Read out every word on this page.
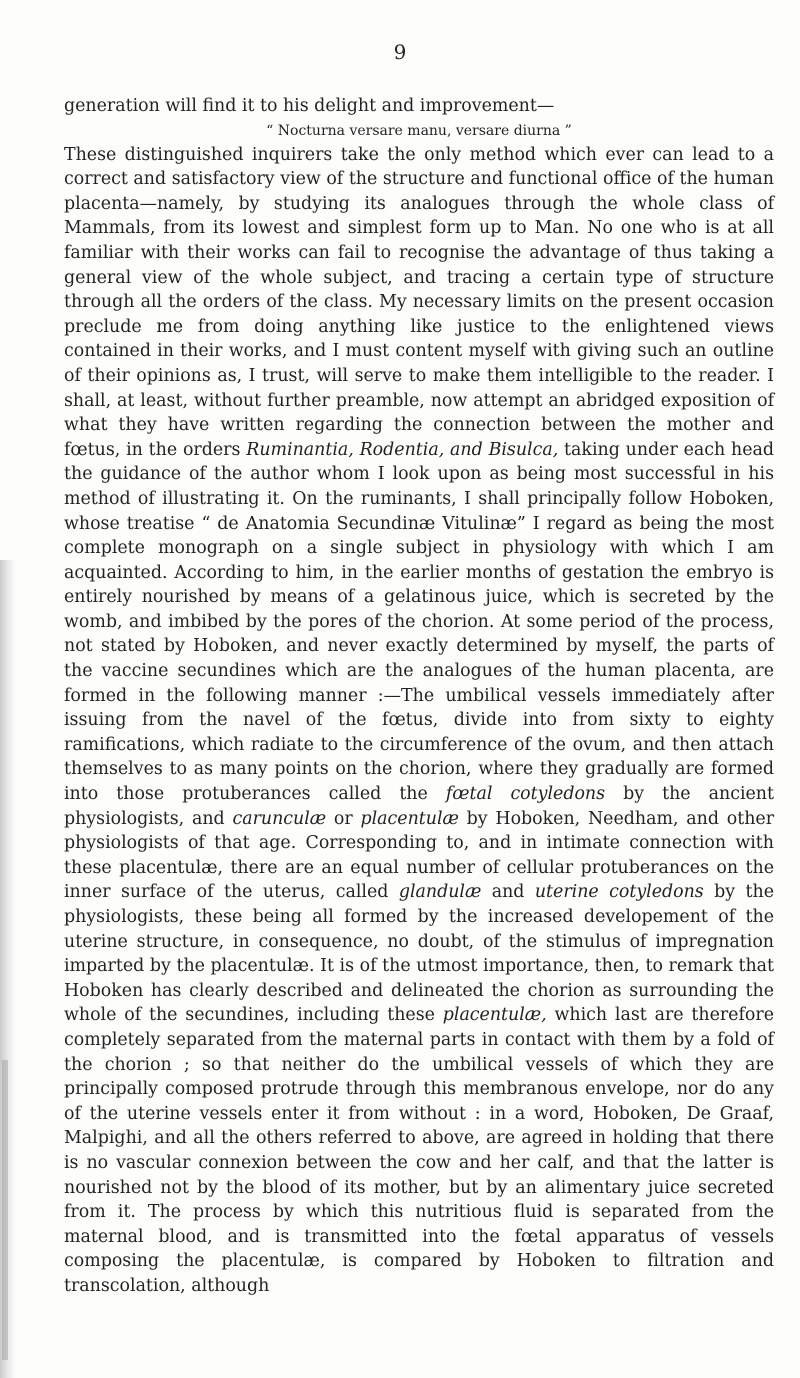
9

generation will find it to his delight and improvement—

“ Nocturna versare manu, versare diurna ”

These distinguished inquirers take the only method which ever can lead to a correct and satisfactory view of the structure and functional office of the human placenta—namely, by studying its analogues through the whole class of Mammals, from its lowest and simplest form up to Man. No one who is at all familiar with their works can fail to recognise the advantage of thus taking a general view of the whole subject, and tracing a certain type of structure through all the orders of the class. My necessary limits on the present occasion preclude me from doing anything like justice to the enlightened views contained in their works, and I must content myself with giving such an outline of their opinions as, I trust, will serve to make them intelligible to the reader. I shall, at least, without further preamble, now attempt an abridged exposition of what they have written regarding the connection between the mother and fœtus, in the orders Ruminantia, Rodentia, and Bisulca, taking under each head the guidance of the author whom I look upon as being most successful in his method of illustrating it. On the ruminants, I shall principally follow Hoboken, whose treatise “ de Anatomia Secundinæ Vitulinæ” I regard as being the most complete monograph on a single subject in physiology with which I am acquainted. According to him, in the earlier months of gestation the embryo is entirely nourished by means of a gelatinous juice, which is secreted by the womb, and imbibed by the pores of the chorion. At some period of the process, not stated by Hoboken, and never exactly determined by myself, the parts of the vaccine secundines which are the analogues of the human placenta, are formed in the following manner :—The umbilical vessels immediately after issuing from the navel of the fœtus, divide into from sixty to eighty ramifications, which radiate to the circumference of the ovum, and then attach themselves to as many points on the chorion, where they gradually are formed into those protuberances called the fœtal cotyledons by the ancient physiologists, and carunculæ or placentulæ by Hoboken, Needham, and other physiologists of that age. Corresponding to, and in intimate connection with these placentulæ, there are an equal number of cellular protuberances on the inner surface of the uterus, called glandulæ and uterine cotyledons by the physiologists, these being all formed by the increased developement of the uterine structure, in consequence, no doubt, of the stimulus of impregnation imparted by the placentulæ. It is of the utmost importance, then, to remark that Hoboken has clearly described and delineated the chorion as surrounding the whole of the secundines, including these placentulæ, which last are therefore completely separated from the maternal parts in contact with them by a fold of the chorion ; so that neither do the umbilical vessels of which they are principally composed protrude through this membranous envelope, nor do any of the uterine vessels enter it from without : in a word, Hoboken, De Graaf, Malpighi, and all the others referred to above, are agreed in holding that there is no vascular connexion between the cow and her calf, and that the latter is nourished not by the blood of its mother, but by an alimentary juice secreted from it. The process by which this nutritious fluid is separated from the maternal blood, and is transmitted into the fœtal apparatus of vessels composing the placentulæ, is compared by Hoboken to filtration and transcolation, although
